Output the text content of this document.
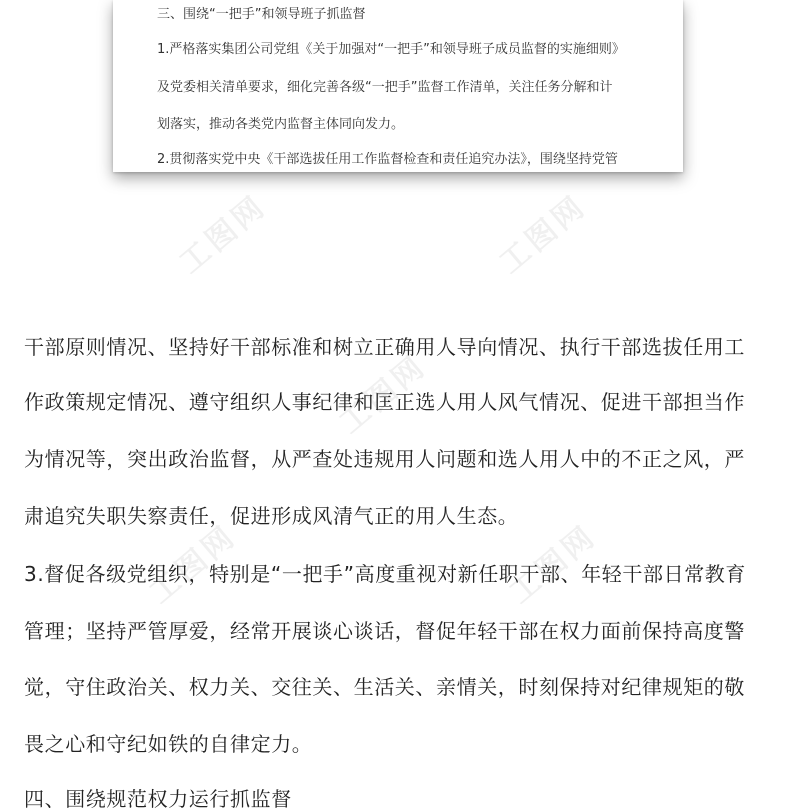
工图网	工图网
工图网
工图网	工图网
三、围绕“一把手”和领导班子抓监督
1.严格落实集团公司党组《关于加强对“一把手”和领导班子成员监督的实施细则》
及党委相关清单要求，细化完善各级“一把手”监督工作清单，关注任务分解和计
划落实，推动各类党内监督主体同向发力。
2.贯彻落实党中央《干部选拔任用工作监督检查和责任追究办法》，围绕坚持党管
干部原则情况、坚持好干部标准和树立正确用人导向情况、执行干部选拔任用工
作政策规定情况、遵守组织人事纪律和匡正选人用人风气情况、促进干部担当作
为情况等，突出政治监督，从严查处违规用人问题和选人用人中的不正之风，严
肃追究失职失察责任，促进形成风清气正的用人生态。
3.督促各级党组织，特别是“一把手”高度重视对新任职干部、年轻干部日常教育
管理；坚持严管厚爱，经常开展谈心谈话，督促年轻干部在权力面前保持高度警
觉，守住政治关、权力关、交往关、生活关、亲情关，时刻保持对纪律规矩的敬
畏之心和守纪如铁的自律定力。
四、围绕规范权力运行抓监督
